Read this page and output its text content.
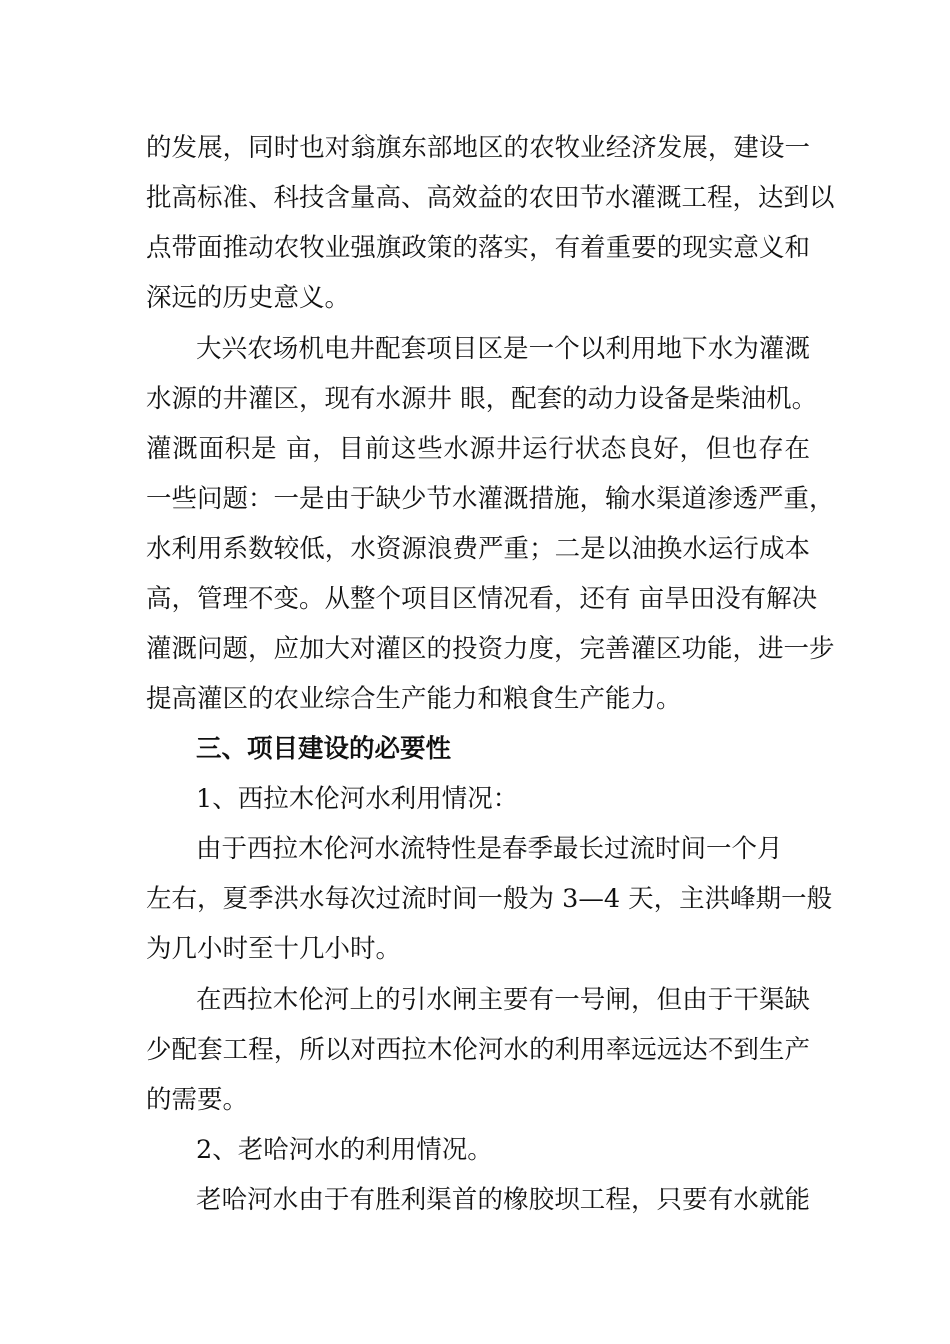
的发展，同时也对翁旗东部地区的农牧业经济发展，建设一
批高标准、科技含量高、高效益的农田节水灌溉工程，达到以
点带面推动农牧业强旗政策的落实，有着重要的现实意义和
深远的历史意义。
大兴农场机电井配套项目区是一个以利用地下水为灌溉
水源的井灌区，现有水源井 眼，配套的动力设备是柴油机。
灌溉面积是 亩，目前这些水源井运行状态良好，但也存在
一些问题：一是由于缺少节水灌溉措施，输水渠道渗透严重，
水利用系数较低，水资源浪费严重；二是以油换水运行成本
高，管理不变。从整个项目区情况看，还有 亩旱田没有解决
灌溉问题，应加大对灌区的投资力度，完善灌区功能，进一步
提高灌区的农业综合生产能力和粮食生产能力。
三、项目建设的必要性
1、西拉木伦河水利用情况：
由于西拉木伦河水流特性是春季最长过流时间一个月
左右，夏季洪水每次过流时间一般为 3—4 天，主洪峰期一般
为几小时至十几小时。
在西拉木伦河上的引水闸主要有一号闸，但由于干渠缺
少配套工程，所以对西拉木伦河水的利用率远远达不到生产
的需要。
2、老哈河水的利用情况。
老哈河水由于有胜利渠首的橡胶坝工程，只要有水就能
